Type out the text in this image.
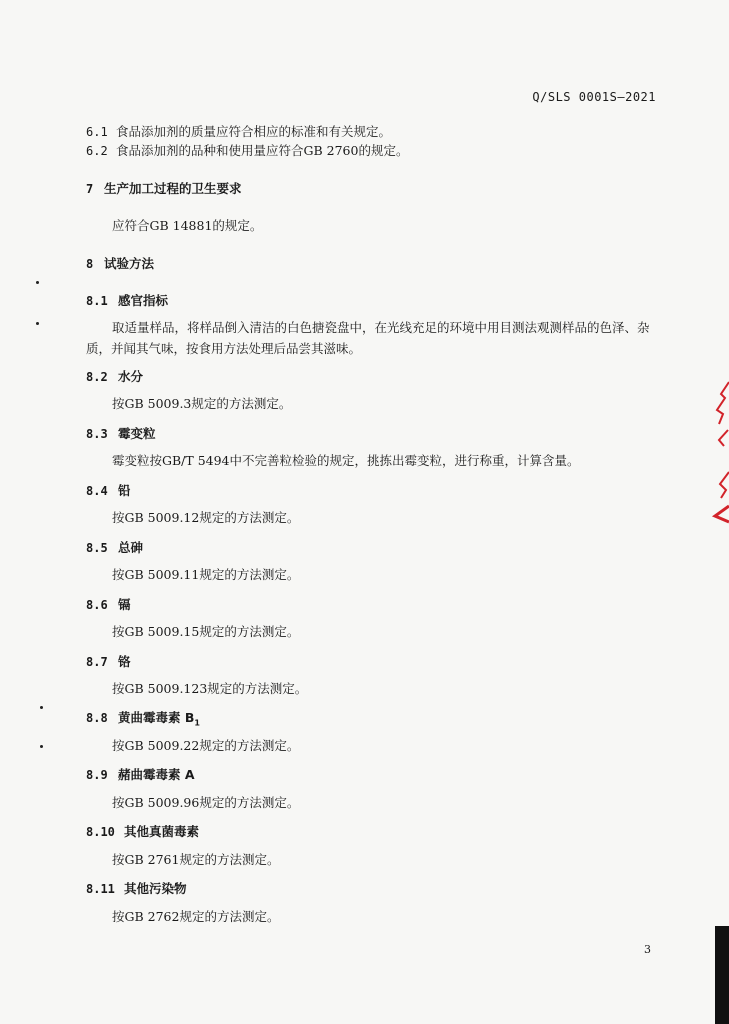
Q/SLS 0001S—2021
6.1 食品添加剂的质量应符合相应的标准和有关规定。
6.2 食品添加剂的品种和使用量应符合GB 2760的规定。
7 生产加工过程的卫生要求
应符合GB 14881的规定。
8 试验方法
8.1 感官指标
取适量样品，将样品倒入清洁的白色搪瓷盘中，在光线充足的环境中用目测法观测样品的色泽、杂
质，并闻其气味，按食用方法处理后品尝其滋味。
8.2 水分
按GB 5009.3规定的方法测定。
8.3 霉变粒
霉变粒按GB/T 5494中不完善粒检验的规定，挑拣出霉变粒，进行称重，计算含量。
8.4 铅
按GB 5009.12规定的方法测定。
8.5 总砷
按GB 5009.11规定的方法测定。
8.6 镉
按GB 5009.15规定的方法测定。
8.7 铬
按GB 5009.123规定的方法测定。
8.8 黄曲霉毒素 $B_1$
按GB 5009.22规定的方法测定。
8.9 赭曲霉毒素 A
按GB 5009.96规定的方法测定。
8.10 其他真菌毒素
按GB 2761规定的方法测定。
8.11 其他污染物
按GB 2762规定的方法测定。
3
